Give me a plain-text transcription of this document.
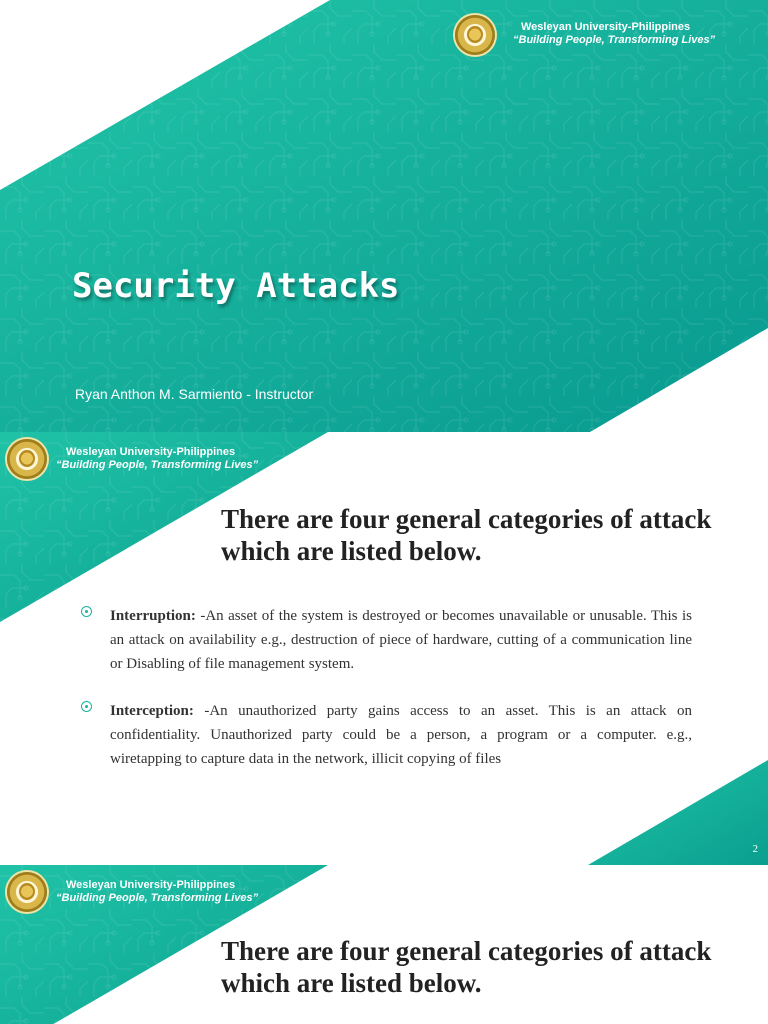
Wesleyan University-Philippines
“Building People, Transforming Lives”
Security Attacks
Ryan Anthon M. Sarmiento - Instructor
Wesleyan University-Philippines
“Building People, Transforming Lives”
There are four general categories of attack which are listed below.

Interruption: -An asset of the system is destroyed or becomes unavailable or unusable. This is an attack on availability e.g., destruction of piece of hardware, cutting of a communication line or Disabling of file management system.

Interception: -An unauthorized party gains access to an asset. This is an attack on confidentiality. Unauthorized party could be a person, a program or a computer. e.g., wiretapping to capture data in the network, illicit copying of files

2
Wesleyan University-Philippines
“Building People, Transforming Lives”
There are four general categories of attack which are listed below.
